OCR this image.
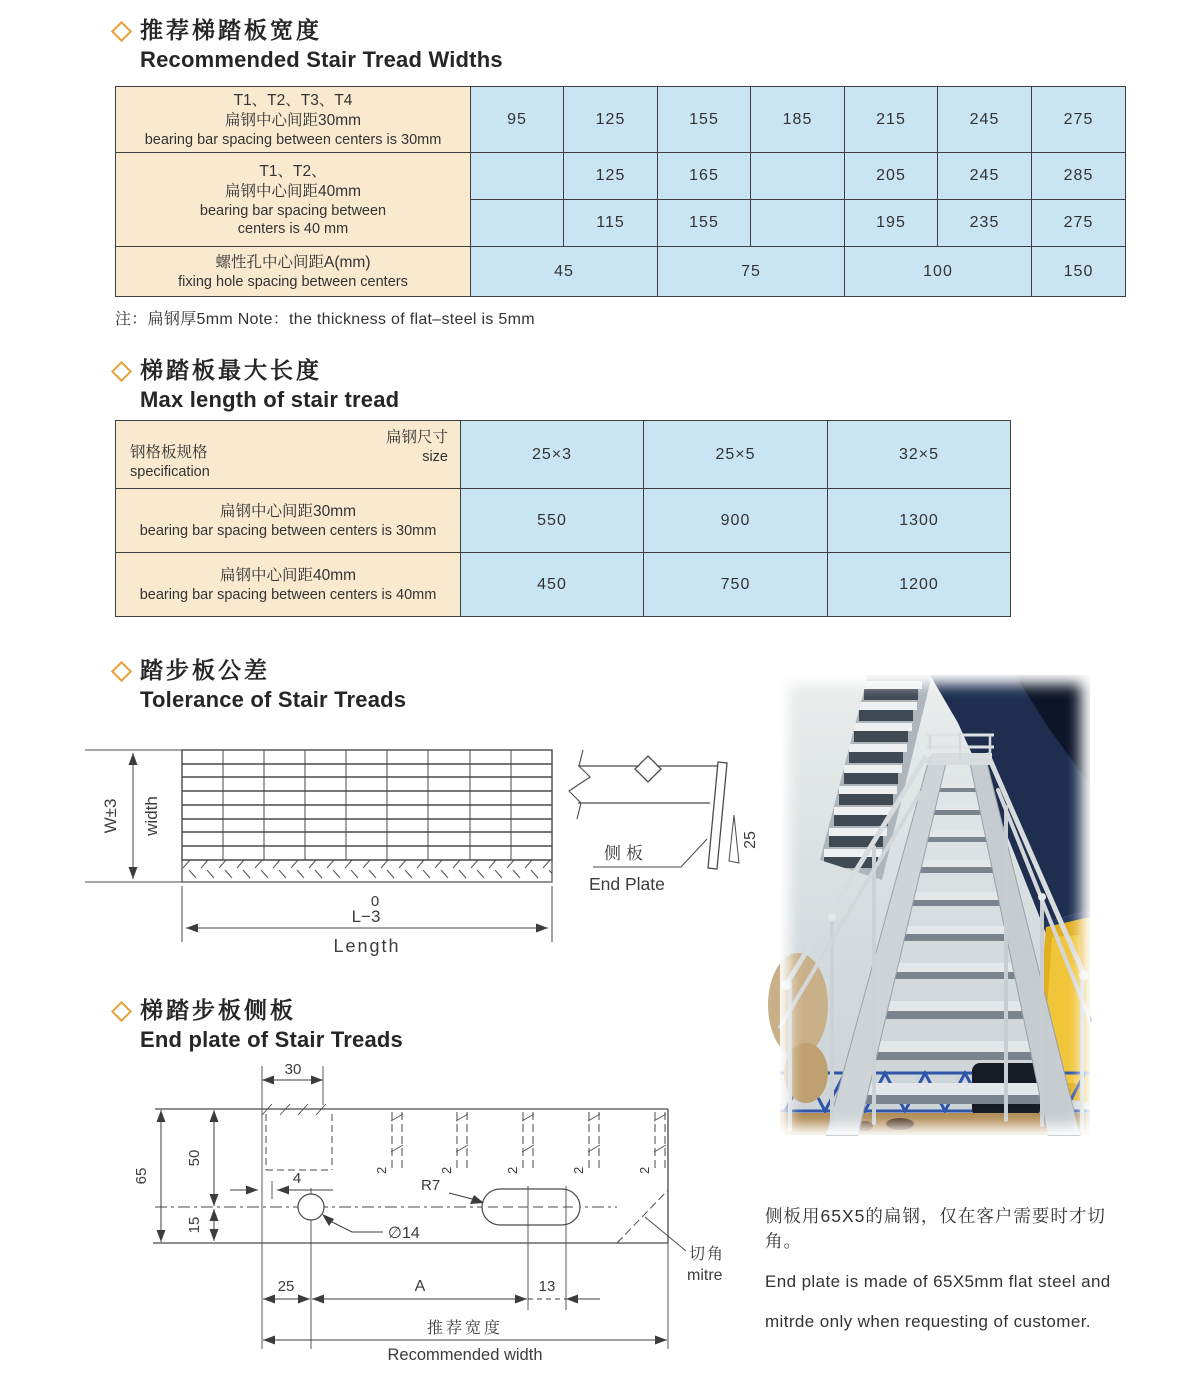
推荐梯踏板宽度
Recommended Stair Tread Widths
T1、T2、T3、T4
扁钢中心间距30mm
bearing bar spacing between centers is 30mm	95	125	155	185	215	245	275

T1、T2、
扁钢中心间距40mm
bearing bar spacing between
centers is 40 mm		125	165		205	245	285
		115	155		195	235	275

螺性孔中心间距A(mm)
fixing hole spacing between centers	45		75		100		150
注：扁钢厚5mm Note：the thickness of flat–steel is 5mm
梯踏板最大长度
Max length of stair tread
扁钢尺寸
size
钢格板规格
specification	25×3	25×5	32×5

扁钢中心间距30mm
bearing bar spacing between centers is 30mm	550	900	1300

扁钢中心间距40mm
bearing bar spacing between centers is 40mm	450	750	1200
踏步板公差
Tolerance of Stair Treads
W±3 width
0
L−3
Length
25
侧板
End Plate
梯踏步板侧板
End plate of Stair Treads
2	2	2	2	2
30
65
50
15
4	R7
∅14
25	A	13
切角
mitre
推荐宽度
Recommended width
侧板用65X5的扁钢，仅在客户需要时才切角。
End plate is made of 65X5mm flat steel and
mitrde only when requesting of customer.
